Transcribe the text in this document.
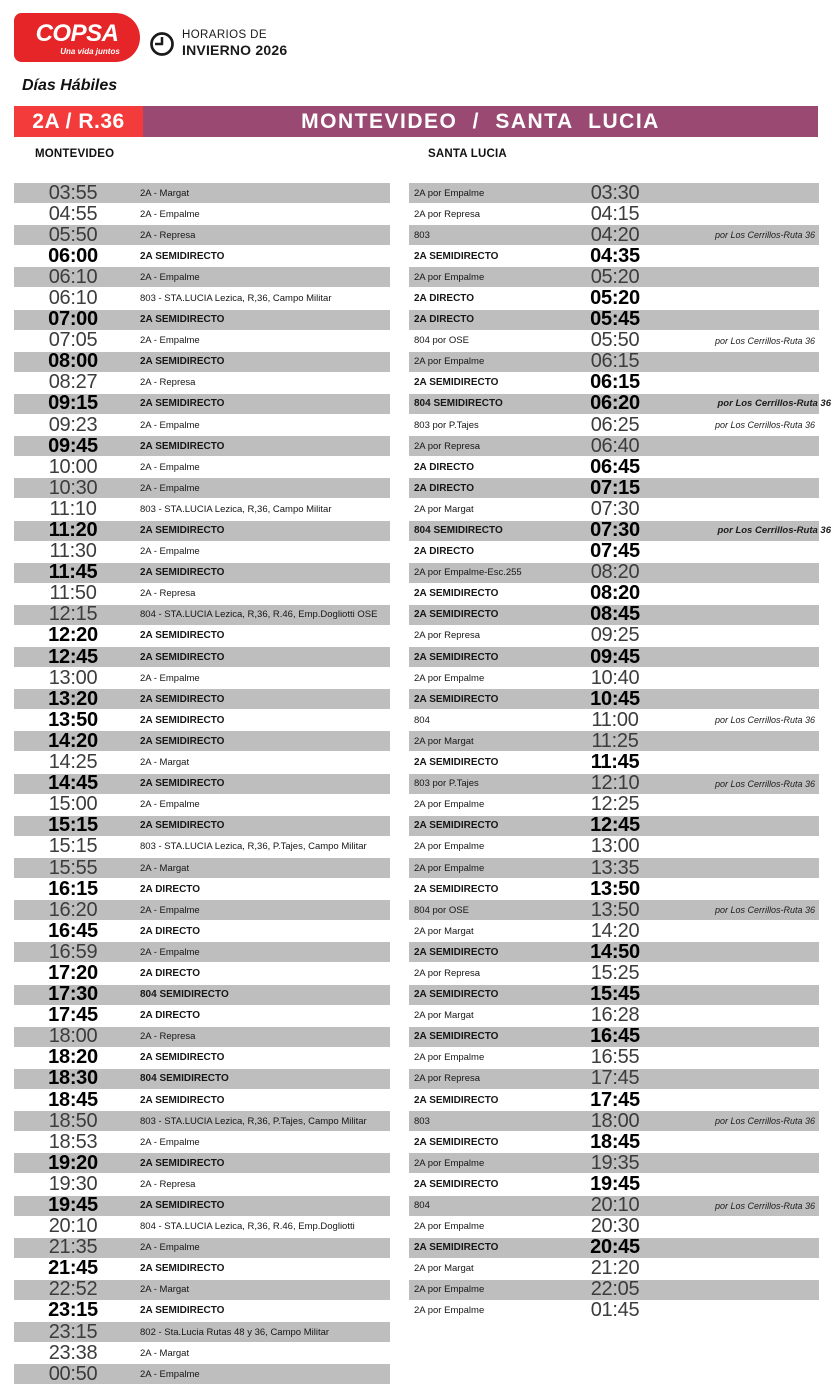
COPSA
Una vida juntos
HORARIOS DE
INVIERNO 2026
Días Hábiles
2A / R.36	MONTEVIDEO / SANTA LUCIA
MONTEVIDEO	SANTA LUCIA
03:55	2A - Margat
04:55	2A - Empalme
05:50	2A - Represa
06:00	2A SEMIDIRECTO
06:10	2A - Empalme
06:10	803 - STA.LUCIA Lezica, R,36, Campo Militar
07:00	2A SEMIDIRECTO
07:05	2A - Empalme
08:00	2A SEMIDIRECTO
08:27	2A - Represa
09:15	2A SEMIDIRECTO
09:23	2A - Empalme
09:45	2A SEMIDIRECTO
10:00	2A - Empalme
10:30	2A - Empalme
11:10	803 - STA.LUCIA Lezica, R,36, Campo Militar
11:20	2A SEMIDIRECTO
11:30	2A - Empalme
11:45	2A SEMIDIRECTO
11:50	2A - Represa
12:15	804 - STA.LUCIA Lezica, R,36, R.46, Emp.Dogliotti OSE
12:20	2A SEMIDIRECTO
12:45	2A SEMIDIRECTO
13:00	2A - Empalme
13:20	2A SEMIDIRECTO
13:50	2A SEMIDIRECTO
14:20	2A SEMIDIRECTO
14:25	2A - Margat
14:45	2A SEMIDIRECTO
15:00	2A - Empalme
15:15	2A SEMIDIRECTO
15:15	803 - STA.LUCIA Lezica, R,36, P.Tajes, Campo Militar
15:55	2A - Margat
16:15	2A DIRECTO
16:20	2A - Empalme
16:45	2A DIRECTO
16:59	2A - Empalme
17:20	2A DIRECTO
17:30	804 SEMIDIRECTO
17:45	2A DIRECTO
18:00	2A - Represa
18:20	2A SEMIDIRECTO
18:30	804 SEMIDIRECTO
18:45	2A SEMIDIRECTO
18:50	803 - STA.LUCIA Lezica, R,36, P.Tajes, Campo Militar
18:53	2A - Empalme
19:20	2A SEMIDIRECTO
19:30	2A - Represa
19:45	2A SEMIDIRECTO
20:10	804 - STA.LUCIA Lezica, R,36, R.46, Emp.Dogliotti
21:35	2A - Empalme
21:45	2A SEMIDIRECTO
22:52	2A - Margat
23:15	2A SEMIDIRECTO
23:15	802 - Sta.Lucia Rutas 48 y 36, Campo Militar
23:38	2A - Margat
00:50	2A - Empalme
2A por Empalme	03:30
2A por Represa	04:15
803	04:20	por Los Cerrillos-Ruta 36
2A SEMIDIRECTO	04:35
2A por Empalme	05:20
2A DIRECTO	05:20
2A DIRECTO	05:45
804 por OSE	05:50	por Los Cerrillos-Ruta 36
2A por Empalme	06:15
2A SEMIDIRECTO	06:15
804 SEMIDIRECTO	06:20	por Los Cerrillos-Ruta 36
803 por P.Tajes	06:25	por Los Cerrillos-Ruta 36
2A por Represa	06:40
2A DIRECTO	06:45
2A DIRECTO	07:15
2A por Margat	07:30
804 SEMIDIRECTO	07:30	por Los Cerrillos-Ruta 36
2A DIRECTO	07:45
2A por Empalme-Esc.255	08:20
2A SEMIDIRECTO	08:20
2A SEMIDIRECTO	08:45
2A por Represa	09:25
2A SEMIDIRECTO	09:45
2A por Empalme	10:40
2A SEMIDIRECTO	10:45
804	11:00	por Los Cerrillos-Ruta 36
2A por Margat	11:25
2A SEMIDIRECTO	11:45
803 por P.Tajes	12:10	por Los Cerrillos-Ruta 36
2A por Empalme	12:25
2A SEMIDIRECTO	12:45
2A por Empalme	13:00
2A por Empalme	13:35
2A SEMIDIRECTO	13:50
804 por OSE	13:50	por Los Cerrillos-Ruta 36
2A por Margat	14:20
2A SEMIDIRECTO	14:50
2A por Represa	15:25
2A SEMIDIRECTO	15:45
2A por Margat	16:28
2A SEMIDIRECTO	16:45
2A por Empalme	16:55
2A por Represa	17:45
2A SEMIDIRECTO	17:45
803	18:00	por Los Cerrillos-Ruta 36
2A SEMIDIRECTO	18:45
2A por Empalme	19:35
2A SEMIDIRECTO	19:45
804	20:10	por Los Cerrillos-Ruta 36
2A por Empalme	20:30
2A SEMIDIRECTO	20:45
2A por Margat	21:20
2A por Empalme	22:05
2A por Empalme	01:45
